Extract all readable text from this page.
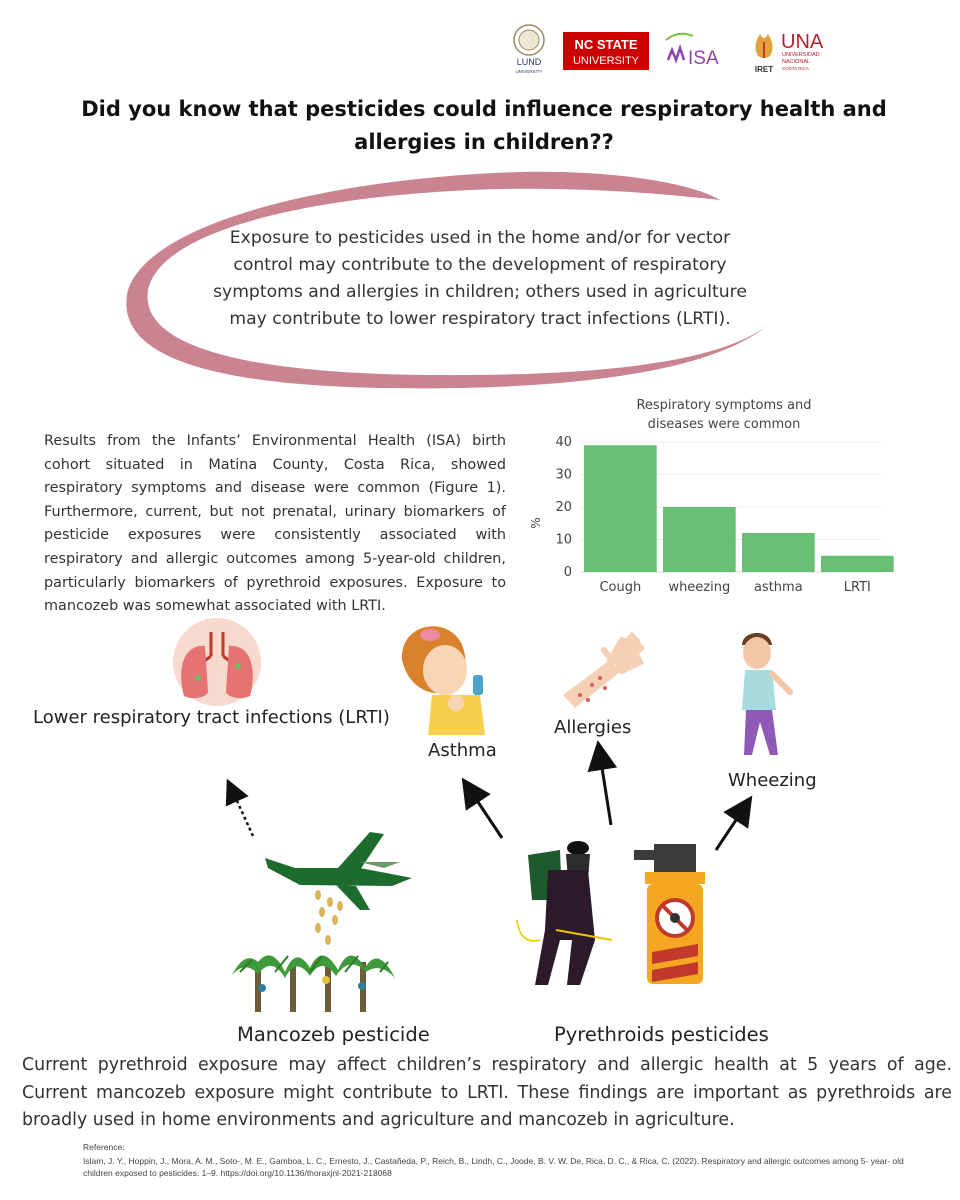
LUND
UNIVERSITY
NC STATE
UNIVERSITY	ISA
IRET
UNA
UNIVERSIDAD
NACIONAL
COSTA RICA
Did you know that pesticides could influence respiratory health and allergies in children??
Exposure to pesticides used in the home and/or for vector control may contribute to the development of respiratory symptoms and allergies in children; others used in agriculture may contribute to lower respiratory tract infections (LRTI).
Results from the Infants’ Environmental Health (ISA) birth cohort situated in Matina County, Costa Rica, showed respiratory symptoms and disease were common (Figure 1). Furthermore, current, but not prenatal, urinary biomarkers of pesticide exposures were consistently associated with respiratory and allergic outcomes among 5-year-old children, particularly biomarkers of pyrethroid exposures. Exposure to mancozeb was somewhat associated with LRTI.
Respiratory symptoms and
diseases were common
%
0
10
20
30
40
Cough wheezing asthma	LRTI
Lower respiratory tract infections (LRTI)
Asthma
Allergies
Wheezing
Mancozeb pesticide	Pyrethroids pesticides
Current pyrethroid exposure may affect children’s respiratory and allergic health at 5 years of age. Current mancozeb exposure might contribute to LRTI. These findings are important as pyrethroids are broadly used in home environments and agriculture and mancozeb in agriculture.
Reference:
Islam, J. Y., Hoppin, J., Mora, A. M., Soto-, M. E., Gamboa, L. C., Ernesto, J., Castañeda, P., Reich, B., Lindh, C., Joode, B. V. W. De, Rica, D. C., & Rica, C. (2022). Respiratory and allergic outcomes among 5- year- old children exposed to pesticides. 1–9. https://doi.org/10.1136/thoraxjnl-2021-218068
